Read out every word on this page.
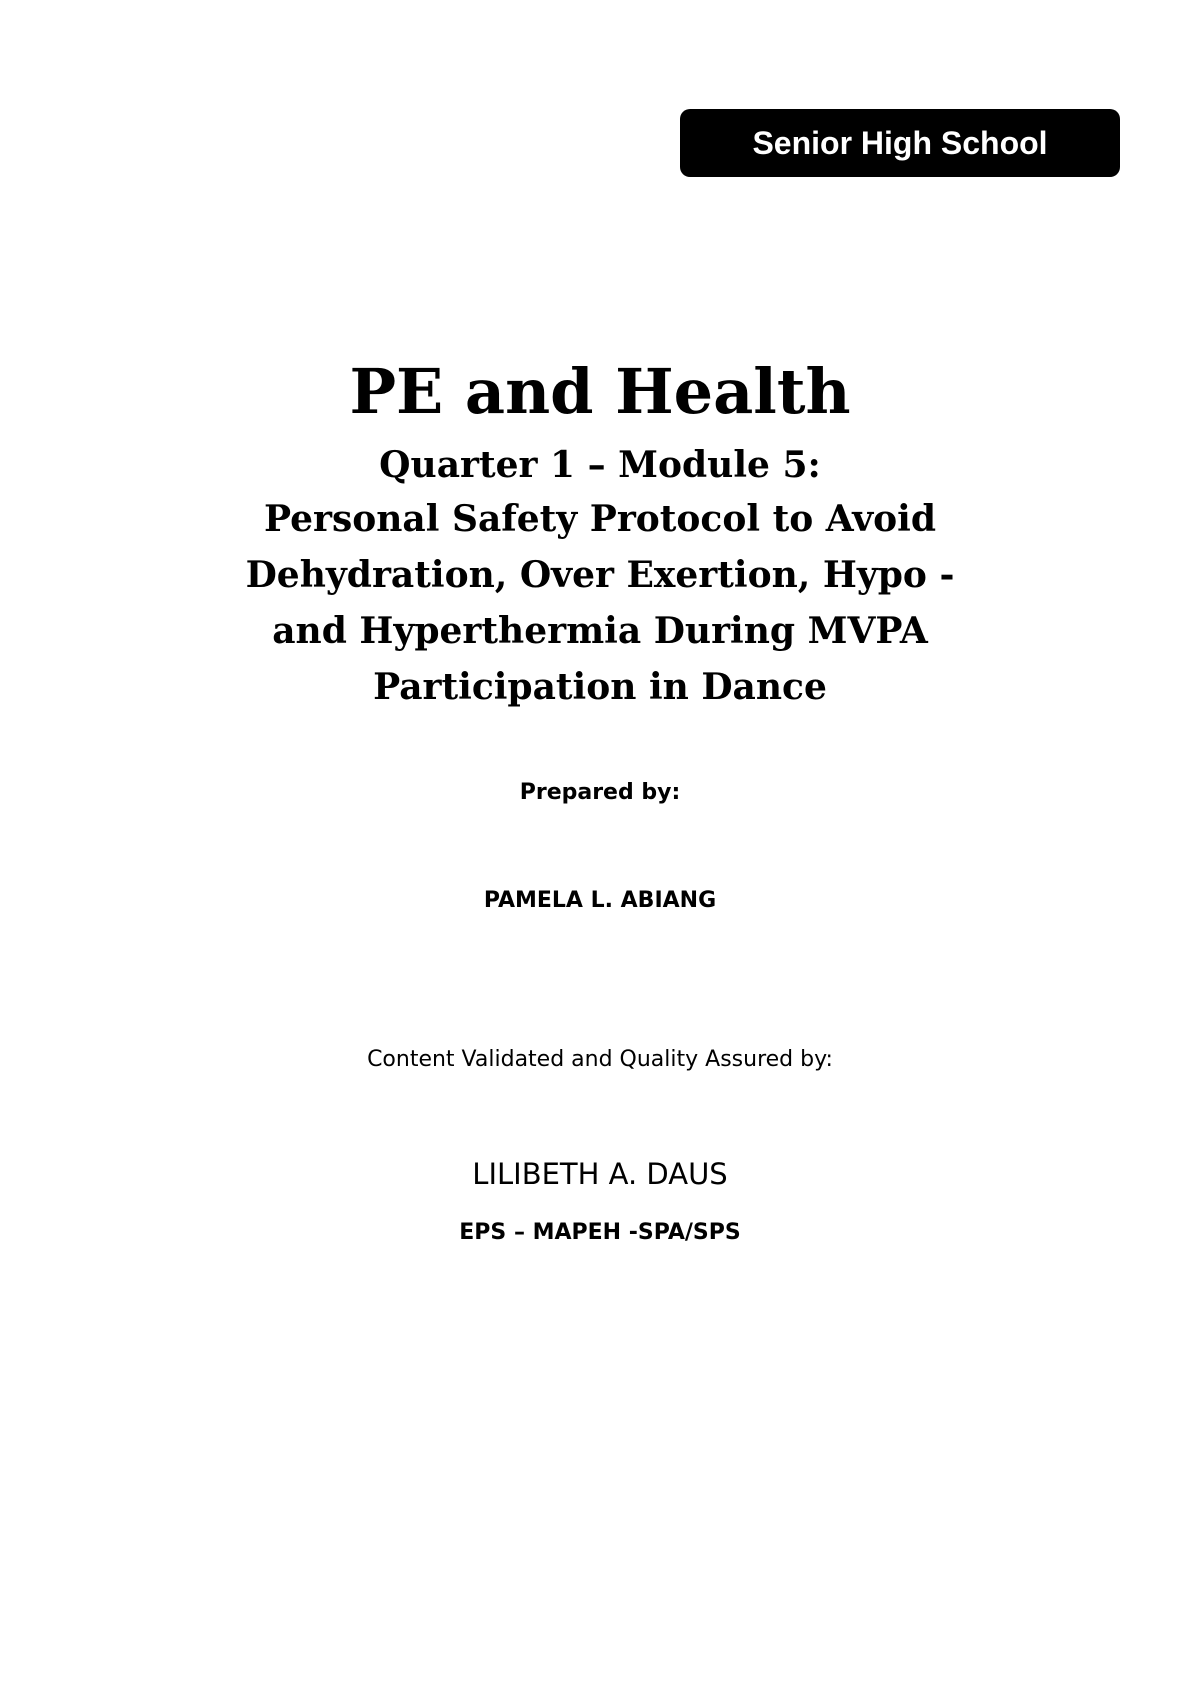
Senior High School
PE and Health
Quarter 1 – Module 5:
Personal Safety Protocol to Avoid
Dehydration, Over Exertion, Hypo -
and Hyperthermia During MVPA
Participation in Dance

Prepared by:

PAMELA L. ABIANG

Content Validated and Quality Assured by:

LILIBETH A. DAUS

EPS – MAPEH -SPA/SPS
